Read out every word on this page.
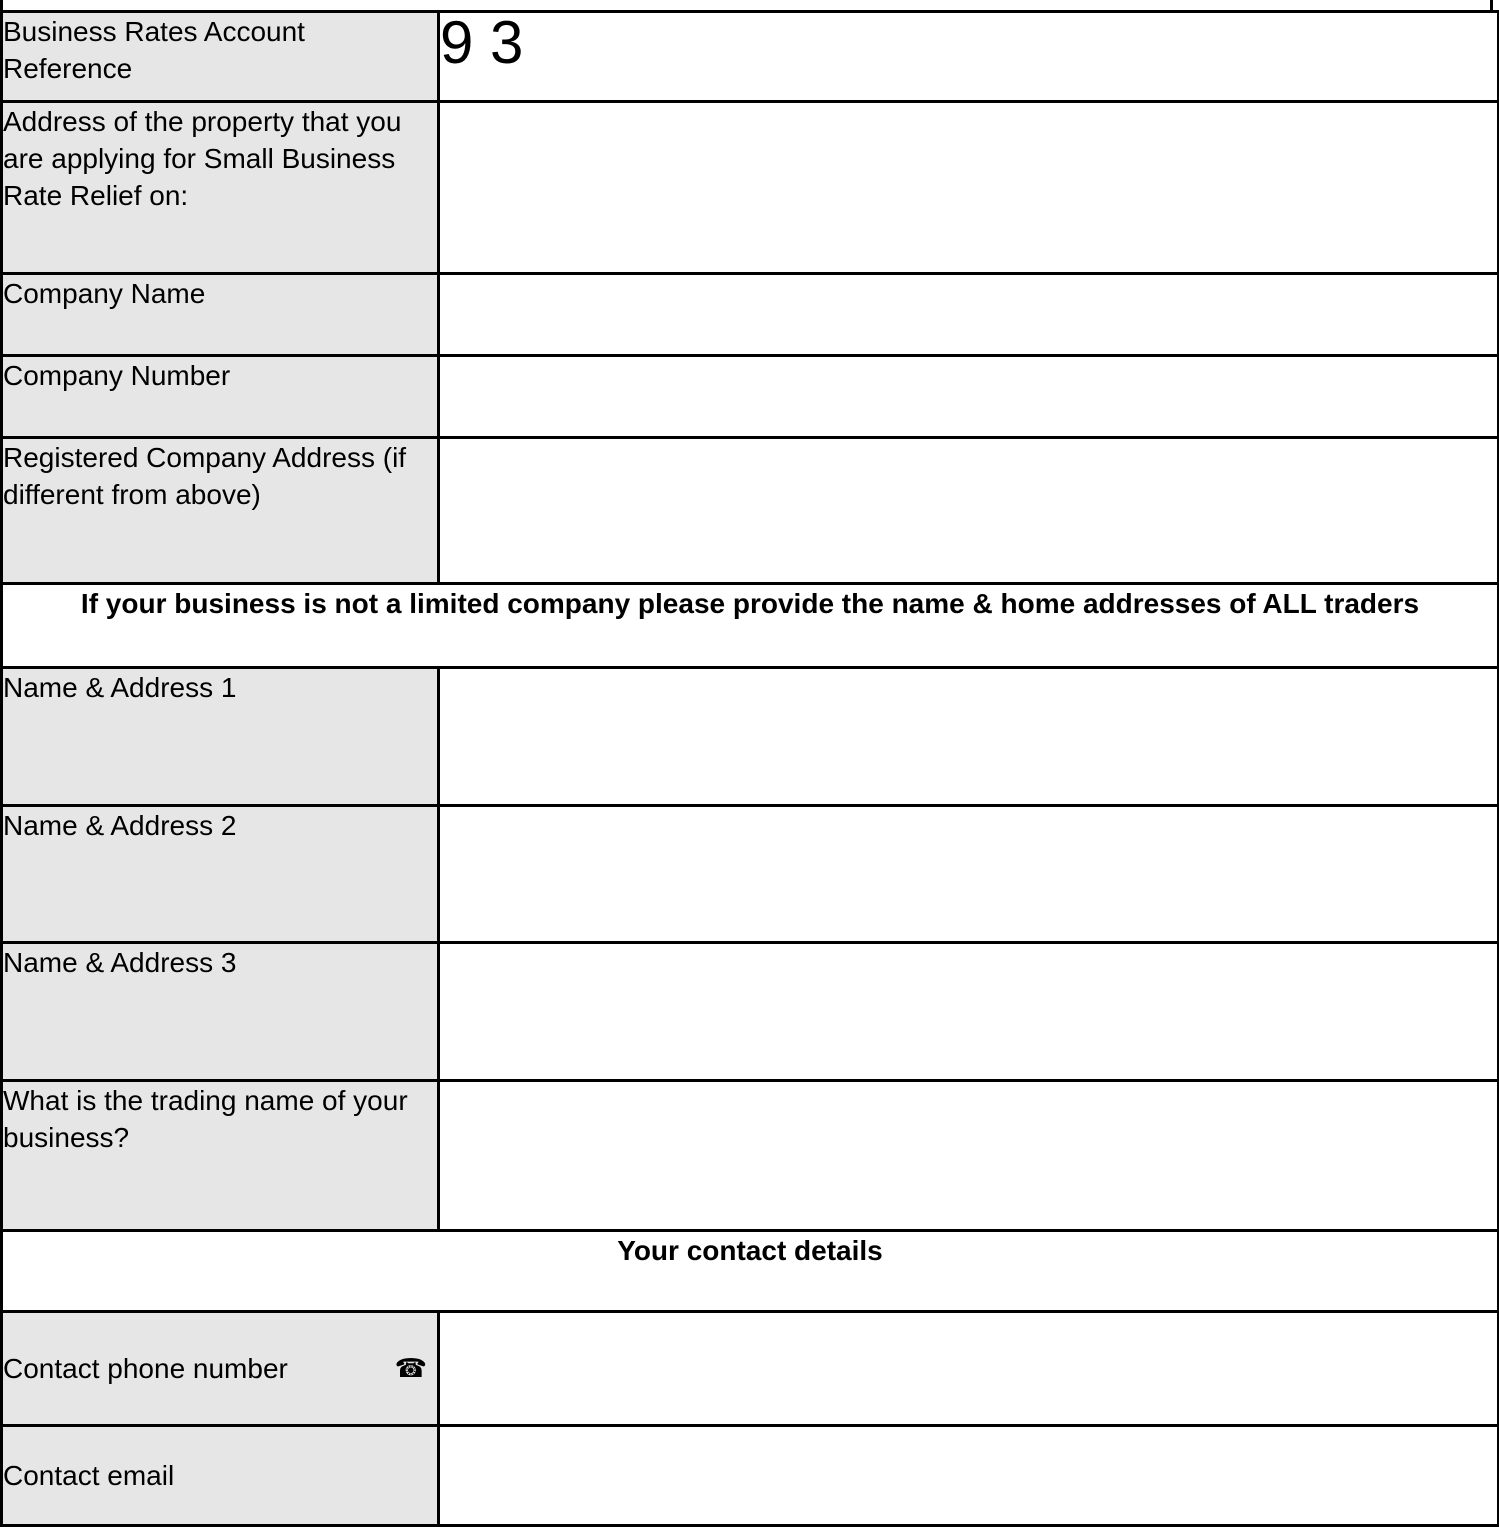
Business Rates Account Reference	9 3
Address of the property that you are applying for Small Business Rate Relief on:	
Company Name	
Company Number	
Registered Company Address (if different from above)	
If your business is not a limited company please provide the name & home addresses of ALL traders	
Name & Address 1	
Name & Address 2	
Name & Address 3	
What is the trading name of your business?	
Your contact details	

Contact phone number ☎	

Contact email	
